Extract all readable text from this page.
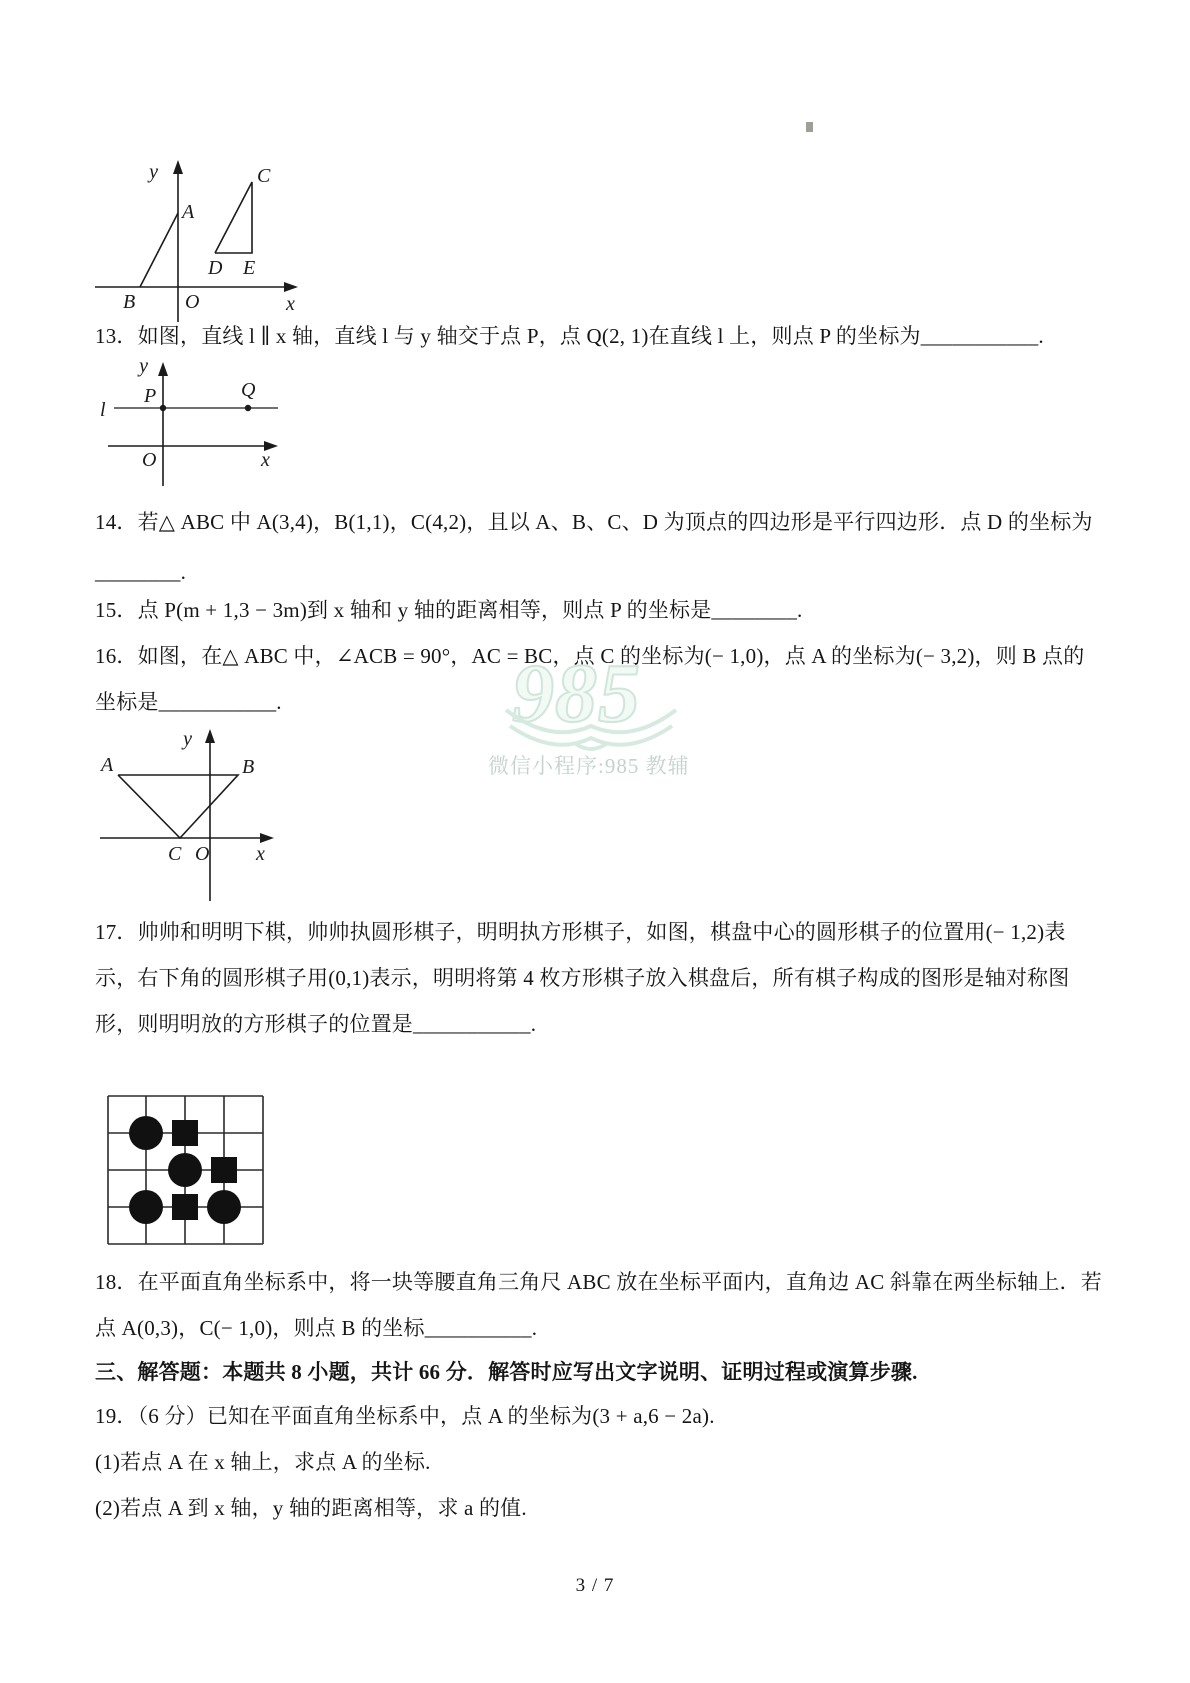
985
微信小程序:985 教辅
y
x
O
A
B
C
D E
13．如图，直线 l ∥ x 轴，直线 l 与 y 轴交于点 P，点 Q(2, 1)在直线 l 上，则点 P 的坐标为___________.
y
l
P	Q
O	x
14．若△ ABC 中 A(3,4)，B(1,1)，C(4,2)，且以 A、B、C、D 为顶点的四边形是平行四边形．点 D 的坐标为
________.
15．点 P(m + 1,3 − 3m)到 x 轴和 y 轴的距离相等，则点 P 的坐标是________.
16．如图，在△ ABC 中，∠ACB = 90°，AC = BC，点 C 的坐标为(− 1,0)，点 A 的坐标为(− 3,2)，则 B 点的
坐标是___________.
y
A	B
C O x
17．帅帅和明明下棋，帅帅执圆形棋子，明明执方形棋子，如图，棋盘中心的圆形棋子的位置用(− 1,2)表
示，右下角的圆形棋子用(0,1)表示，明明将第 4 枚方形棋子放入棋盘后，所有棋子构成的图形是轴对称图
形，则明明放的方形棋子的位置是___________.
18．在平面直角坐标系中，将一块等腰直角三角尺 ABC 放在坐标平面内，直角边 AC 斜靠在两坐标轴上．若
点 A(0,3)，C(− 1,0)，则点 B 的坐标__________.
三、解答题：本题共 8 小题，共计 66 分．解答时应写出文字说明、证明过程或演算步骤.
19．（6 分）已知在平面直角坐标系中，点 A 的坐标为(3 + a,6 − 2a).
(1)若点 A 在 x 轴上，求点 A 的坐标.
(2)若点 A 到 x 轴，y 轴的距离相等，求 a 的值.
3 / 7
